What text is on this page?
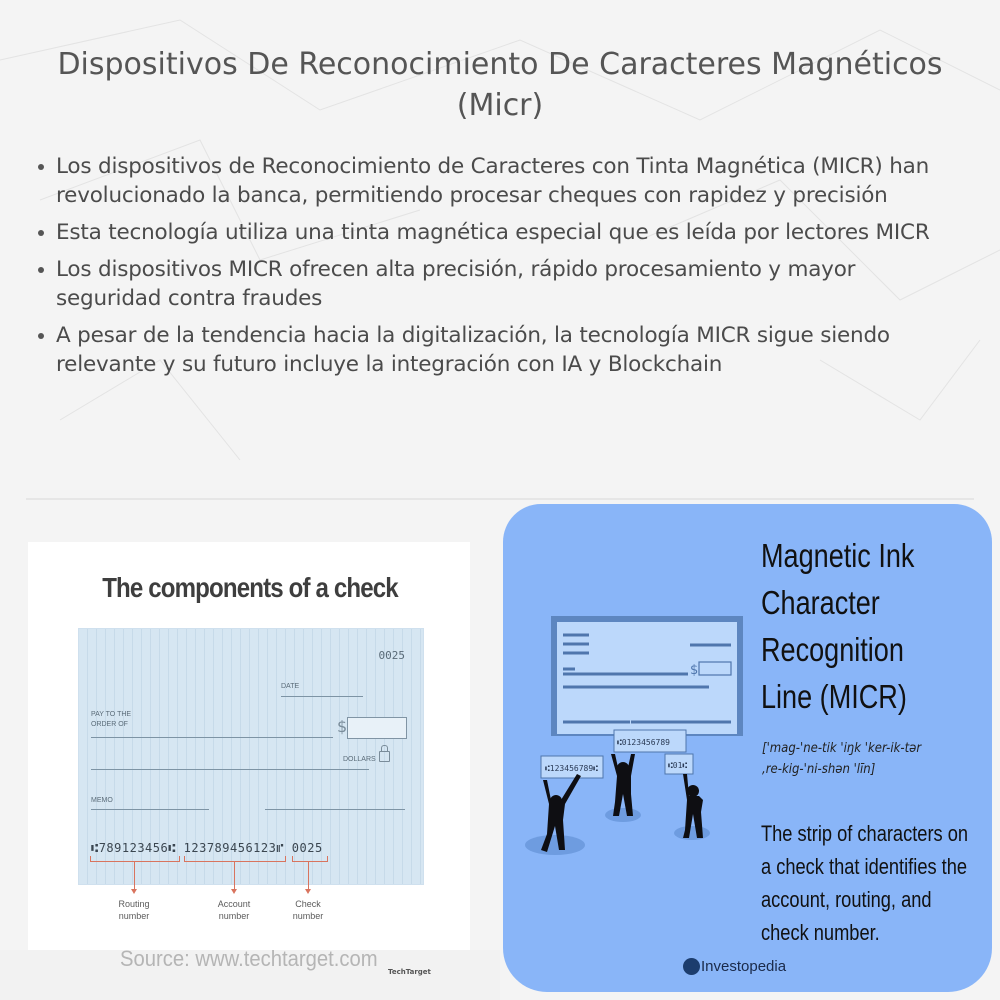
Dispositivos De Reconocimiento De Caracteres Magnéticos (Micr)
Los dispositivos de Reconocimiento de Caracteres con Tinta Magnética (MICR) han revolucionado la banca, permitiendo procesar cheques con rapidez y precisión
Esta tecnología utiliza una tinta magnética especial que es leída por lectores MICR
Los dispositivos MICR ofrecen alta precisión, rápido procesamiento y mayor seguridad contra fraudes
A pesar de la tendencia hacia la digitalización, la tecnología MICR sigue siendo relevante y su futuro incluye la integración con IA y Blockchain
The components of a check
0025
DATE
PAY TO THE
ORDER OF	$
DOLLARS
MEMO
⑆789123456⑆ 123789456123⑈ 0025
Routing number
Account number
Check number
Source: www.techtarget.com
TechTarget
$
⑆123456789⑆
⑆0123456789
⑆01⑆
Magnetic Ink
Character
Recognition
Line (MICR)
['mag-'ne-tik 'iŋk 'ker-ik-tər
,re-kig-'ni-shən 'līn]
The strip of characters on a check that identifies the account, routing, and check number.
Investopedia
